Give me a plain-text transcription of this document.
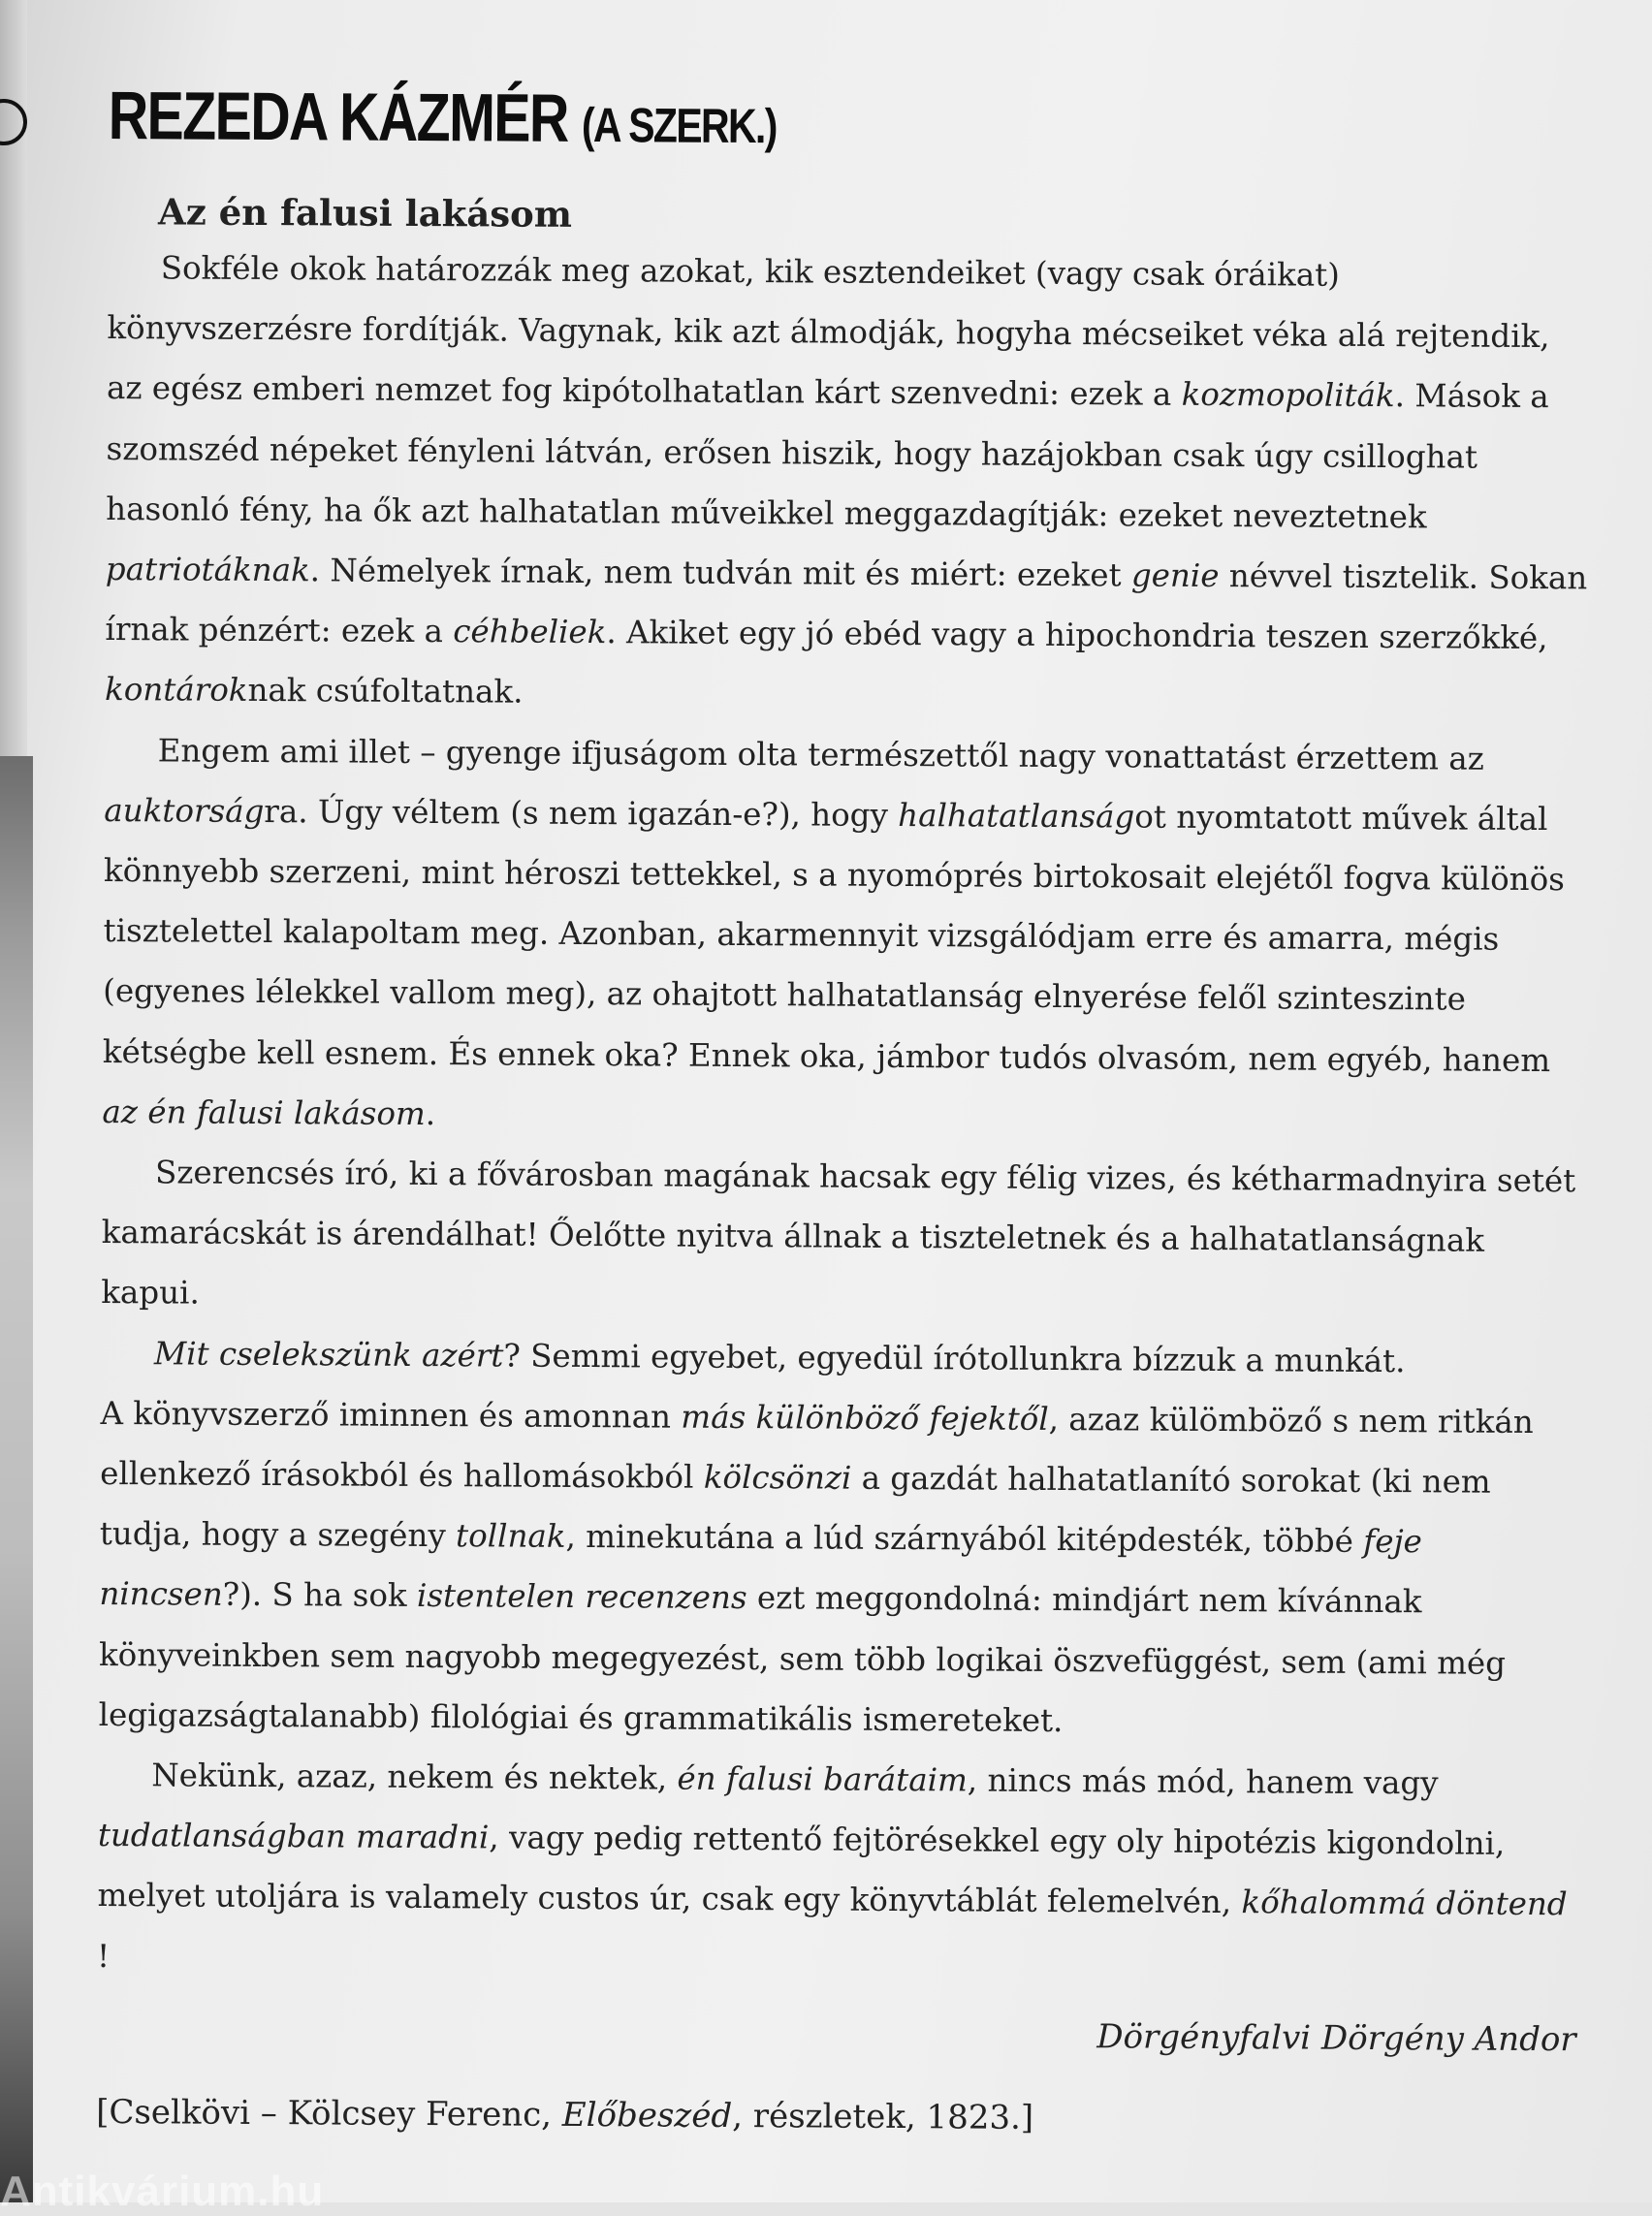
REZEDA KÁZMÉR (A SZERK.)
Az én falusi lakásom

Sokféle okok határozzák meg azokat, kik esztendeiket (vagy csak óráikat) könyvszerzésre fordítják. Vagynak, kik azt álmodják, hogyha mécseiket véka alá rejtendik, az egész emberi nemzet fog kipótolhatatlan kárt szenvedni: ezek a kozmopoliták. Mások a szomszéd népeket fényleni látván, erősen hiszik, hogy hazájokban csak úgy csilloghat hasonló fény, ha ők azt halhatatlan műveikkel meggazdagítják: ezeket neveztetnek patriotáknak. Némelyek írnak, nem tudván mit és miért: ezeket genie névvel tisztelik. Sokan írnak pénzért: ezek a céhbeliek. Akiket egy jó ebéd vagy a hipochondria teszen szerzőkké, kontároknak csúfoltatnak.

Engem ami illet – gyenge ifjuságom olta természettől nagy vonattatást érzettem az auktorságra. Úgy véltem (s nem igazán-e?), hogy halhatatlanságot nyomtatott művek által könnyebb szerzeni, mint héroszi tettekkel, s a nyomóprés birtokosait elejétől fogva különös tisztelettel kalapoltam meg. Azonban, akarmennyit vizsgálódjam erre és amarra, mégis (egyenes lélekkel vallom meg), az ohajtott halhatatlanság elnyerése felől szinteszinte kétségbe kell esnem. És ennek oka? Ennek oka, jámbor tudós olvasóm, nem egyéb, hanem az én falusi lakásom.

Szerencsés író, ki a fővárosban magának hacsak egy félig vizes, és kétharmadnyira setét kamarácskát is árendálhat! Őelőtte nyitva állnak a tiszteletnek és a halhatatlanságnak kapui.

Mit cselekszünk azért? Semmi egyebet, egyedül írótollunkra bízzuk a munkát.

A könyvszerző iminnen és amonnan más különböző fejektől, azaz külömböző s nem ritkán ellenkező írásokból és hallomásokból kölcsönzi a gazdát halhatatlanító sorokat (ki nem tudja, hogy a szegény tollnak, minekutána a lúd szárnyából kitépdesték, többé feje nincsen?). S ha sok istentelen recenzens ezt meggondolná: mindjárt nem kívánnak könyveinkben sem nagyobb megegyezést, sem több logikai öszvefüggést, sem (ami még legigazságtalanabb) filológiai és grammatikális ismereteket.

Nekünk, azaz, nekem és nektek, én falusi barátaim, nincs más mód, hanem vagy tudatlanságban maradni, vagy pedig rettentő fejtörésekkel egy oly hipotézis kigondolni, melyet utoljára is valamely custos úr, csak egy könyvtáblát felemelvén, kőhalommá döntend !

Dörgényfalvi Dörgény Andor
[Cselkövi – Kölcsey Ferenc, Előbeszéd, részletek, 1823.]
Antikvárium.hu
